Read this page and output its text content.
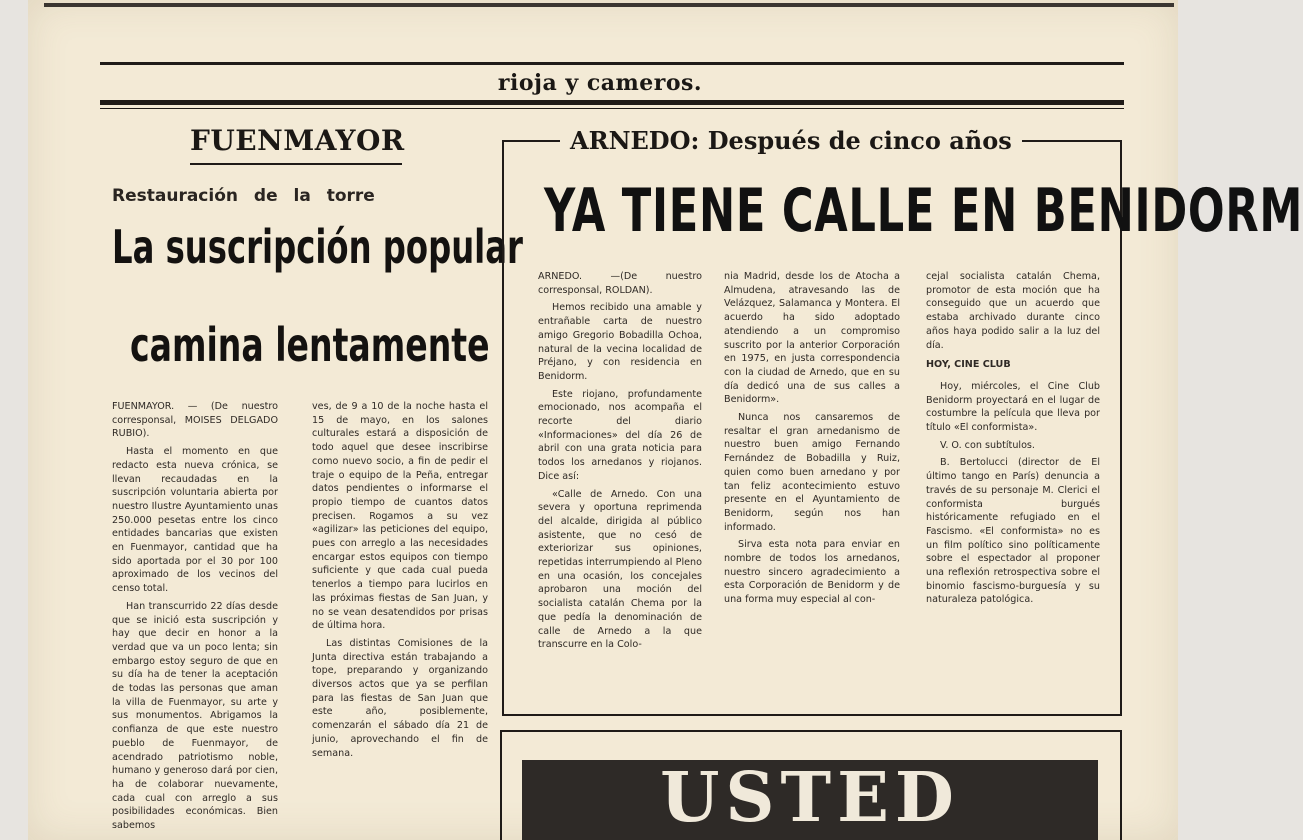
rioja y cameros.
FUENMAYOR
Restauración de la torre
La suscripción popular
camina lentamente

FUENMAYOR. — (De nuestro corresponsal, MOISES DELGADO RUBIO).

Hasta el momento en que redacto esta nueva crónica, se llevan recaudadas en la suscripción voluntaria abierta por nuestro Ilustre Ayuntamiento unas 250.000 pesetas entre los cinco entidades bancarias que existen en Fuenmayor, cantidad que ha sido aportada por el 30 por 100 aproximado de los vecinos del censo total.

Han transcurrido 22 días desde que se inició esta suscripción y hay que decir en honor a la verdad que va un poco lenta; sin embargo estoy seguro de que en su día ha de tener la aceptación de todas las personas que aman la villa de Fuenmayor, su arte y sus monumentos. Abrigamos la confianza de que este nuestro pueblo de Fuenmayor, de acendrado patriotismo noble, humano y generoso dará por cien, ha de colaborar nuevamente, cada cual con arreglo a sus posibilidades económicas. Bien sabemos

ves, de 9 a 10 de la noche hasta el 15 de mayo, en los salones culturales estará a disposición de todo aquel que desee inscribirse como nuevo socio, a fin de pedir el traje o equipo de la Peña, entregar datos pendientes o informarse el propio tiempo de cuantos datos precisen. Rogamos a su vez «agilizar» las peticiones del equipo, pues con arreglo a las necesidades encargar estos equipos con tiempo suficiente y que cada cual pueda tenerlos a tiempo para lucirlos en las próximas fiestas de San Juan, y no se vean desatendidos por prisas de última hora.

Las distintas Comisiones de la Junta directiva están trabajando a tope, preparando y organizando diversos actos que ya se perfilan para las fiestas de San Juan que este año, posiblemente, comenzarán el sábado día 21 de junio, aprovechando el fin de semana.

ARNEDO: Después de cinco años
YA TIENE CALLE EN BENIDORM

ARNEDO. —(De nuestro corresponsal, ROLDAN).

Hemos recibido una amable y entrañable carta de nuestro amigo Gregorio Bobadilla Ochoa, natural de la vecina localidad de Préjano, y con residencia en Benidorm.

Este riojano, profundamente emocionado, nos acompaña el recorte del diario «Informaciones» del día 26 de abril con una grata noticia para todos los arnedanos y riojanos. Dice así:

«Calle de Arnedo. Con una severa y oportuna reprimenda del alcalde, dirigida al público asistente, que no cesó de exteriorizar sus opiniones, repetidas interrumpiendo al Pleno en una ocasión, los concejales aprobaron una moción del socialista catalán Chema por la que pedía la denominación de calle de Arnedo a la que transcurre en la Colo-

nia Madrid, desde los de Atocha a Almudena, atravesando las de Velázquez, Salamanca y Montera. El acuerdo ha sido adoptado atendiendo a un compromiso suscrito por la anterior Corporación en 1975, en justa correspondencia con la ciudad de Arnedo, que en su día dedicó una de sus calles a Benidorm».

Nunca nos cansaremos de resaltar el gran arnedanismo de nuestro buen amigo Fernando Fernández de Bobadilla y Ruiz, quien como buen arnedano y por tan feliz acontecimiento estuvo presente en el Ayuntamiento de Benidorm, según nos han informado.

Sirva esta nota para enviar en nombre de todos los arnedanos, nuestro sincero agradecimiento a esta Corporación de Benidorm y de una forma muy especial al con-

cejal socialista catalán Chema, promotor de esta moción que ha conseguido que un acuerdo que estaba archivado durante cinco años haya podido salir a la luz del día.

HOY, CINE CLUB

Hoy, miércoles, el Cine Club Benidorm proyectará en el lugar de costumbre la película que lleva por título «El conformista».

V. O. con subtítulos.

B. Bertolucci (director de El último tango en París) denuncia a través de su personaje M. Clerici el conformista burgués históricamente refugiado en el Fascismo. «El conformista» no es un film político sino políticamente sobre el espectador al proponer una reflexión retrospectiva sobre el binomio fascismo-burguesía y su naturaleza patológica.

USTED
